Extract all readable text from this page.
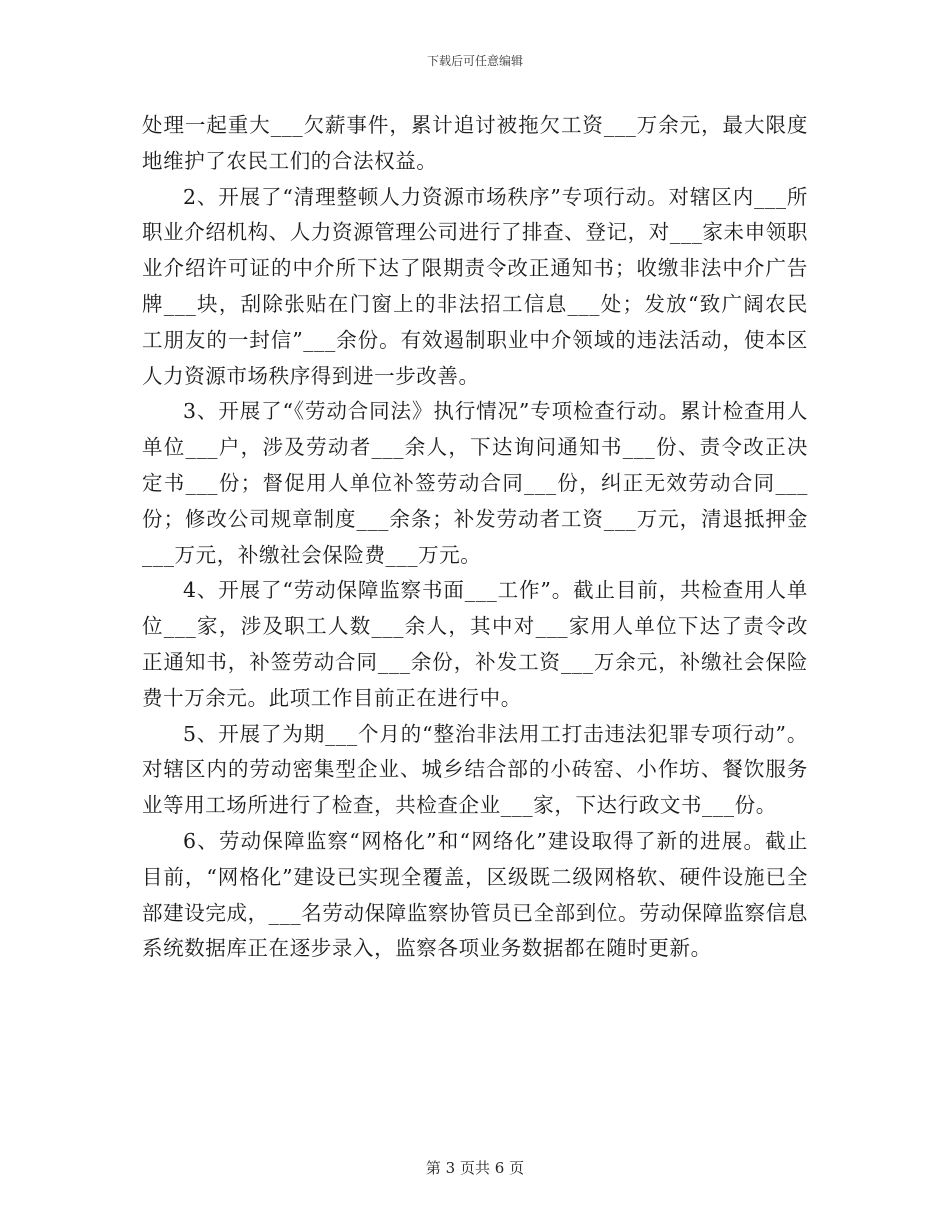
下载后可任意编辑

处理一起重大___欠薪事件，累计追讨被拖欠工资___万余元，最大限度地维护了农民工们的合法权益。

2、开展了“清理整顿人力资源市场秩序”专项行动。对辖区内___所职业介绍机构、人力资源管理公司进行了排查、登记，对___家未申领职业介绍许可证的中介所下达了限期责令改正通知书；收缴非法中介广告牌___块，刮除张贴在门窗上的非法招工信息___处；发放“致广阔农民工朋友的一封信”___余份。有效遏制职业中介领域的违法活动，使本区人力资源市场秩序得到进一步改善。

3、开展了“《劳动合同法》执行情况”专项检查行动。累计检查用人单位___户，涉及劳动者___余人，下达询问通知书___份、责令改正决定书___份；督促用人单位补签劳动合同___份，纠正无效劳动合同___份；修改公司规章制度___余条；补发劳动者工资___万元，清退抵押金___万元，补缴社会保险费___万元。

4、开展了“劳动保障监察书面___工作”。截止目前，共检查用人单位___家，涉及职工人数___余人，其中对___家用人单位下达了责令改正通知书，补签劳动合同___余份，补发工资___万余元，补缴社会保险费十万余元。此项工作目前正在进行中。

5、开展了为期___个月的“整治非法用工打击违法犯罪专项行动”。对辖区内的劳动密集型企业、城乡结合部的小砖窑、小作坊、餐饮服务业等用工场所进行了检查，共检查企业___家，下达行政文书___份。

6、劳动保障监察“网格化”和“网络化”建设取得了新的进展。截止目前，“网格化”建设已实现全覆盖，区级既二级网格软、硬件设施已全部建设完成，___名劳动保障监察协管员已全部到位。劳动保障监察信息系统数据库正在逐步录入，监察各项业务数据都在随时更新。

第 3 页共 6 页
